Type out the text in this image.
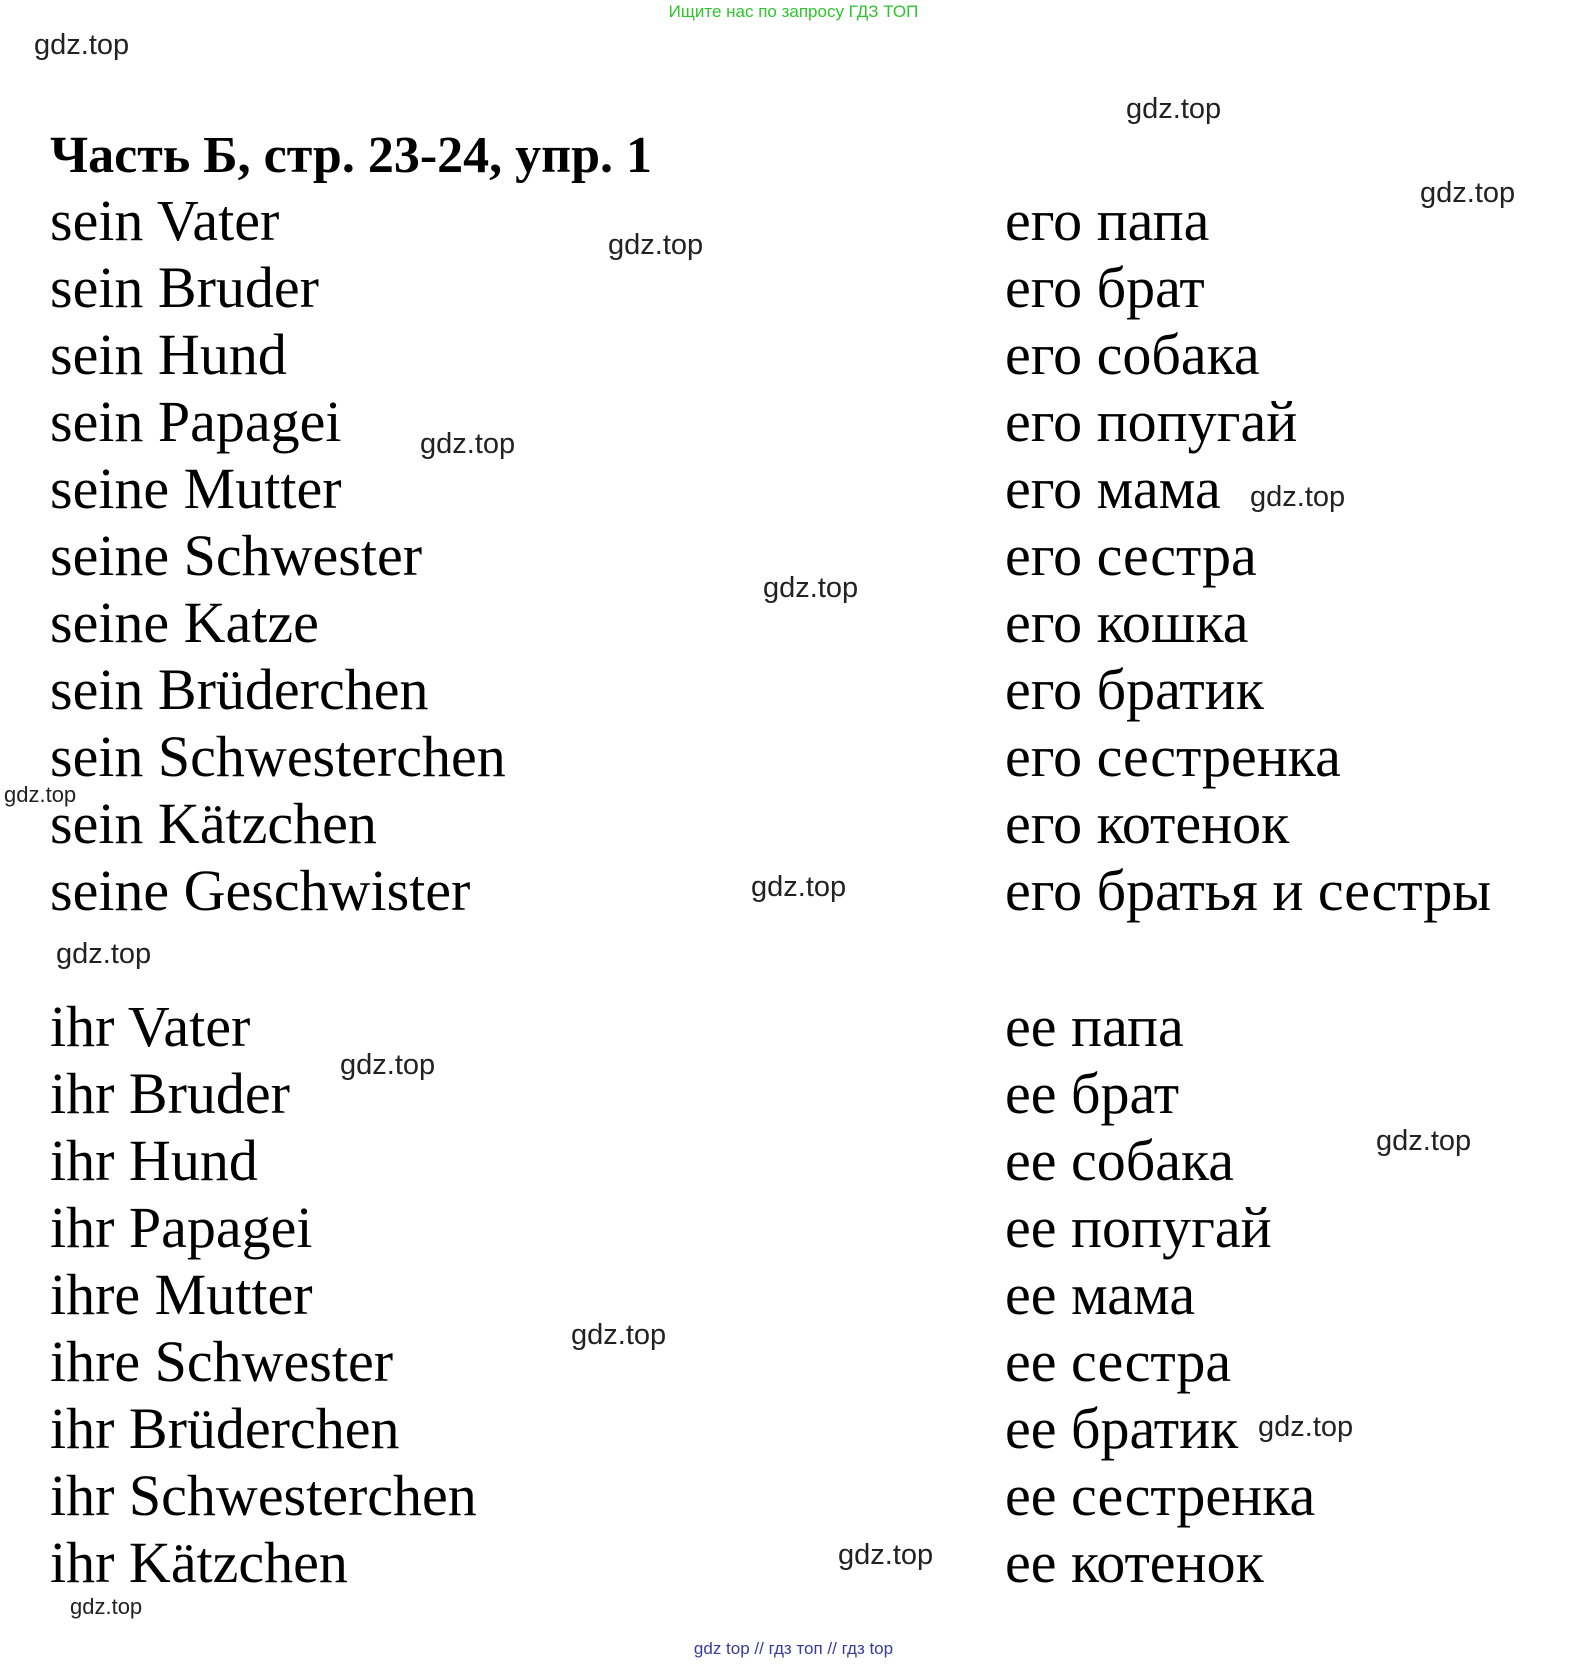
Ищите нас по запросу ГДЗ ТОП
Часть Б, стр. 23-24, упр. 1
sein Vater
sein Bruder
sein Hund
sein Papagei
seine Mutter
seine Schwester
seine Katze
sein Brüderchen
sein Schwesterchen
sein Kätzchen
seine Geschwister
его папа
его брат
его собака
его попугай
его мама
его сестра
его кошка
его братик
его сестренка
его котенок
его братья и сестры
ihr Vater
ihr Bruder
ihr Hund
ihr Papagei
ihre Mutter
ihre Schwester
ihr Brüderchen
ihr Schwesterchen
ihr Kätzchen
ее папа
ее брат
ее собака
ее попугай
ее мама
ее сестра
ее братик
ее сестренка
ее котенок
gdz.top
gdz.top
gdz.top
gdz.top
gdz.top
gdz.top
gdz.top
gdz.top
gdz.top
gdz.top
gdz.top
gdz.top
gdz.top
gdz.top
gdz.top
gdz.top
gdz top // гдз топ // гдз top
